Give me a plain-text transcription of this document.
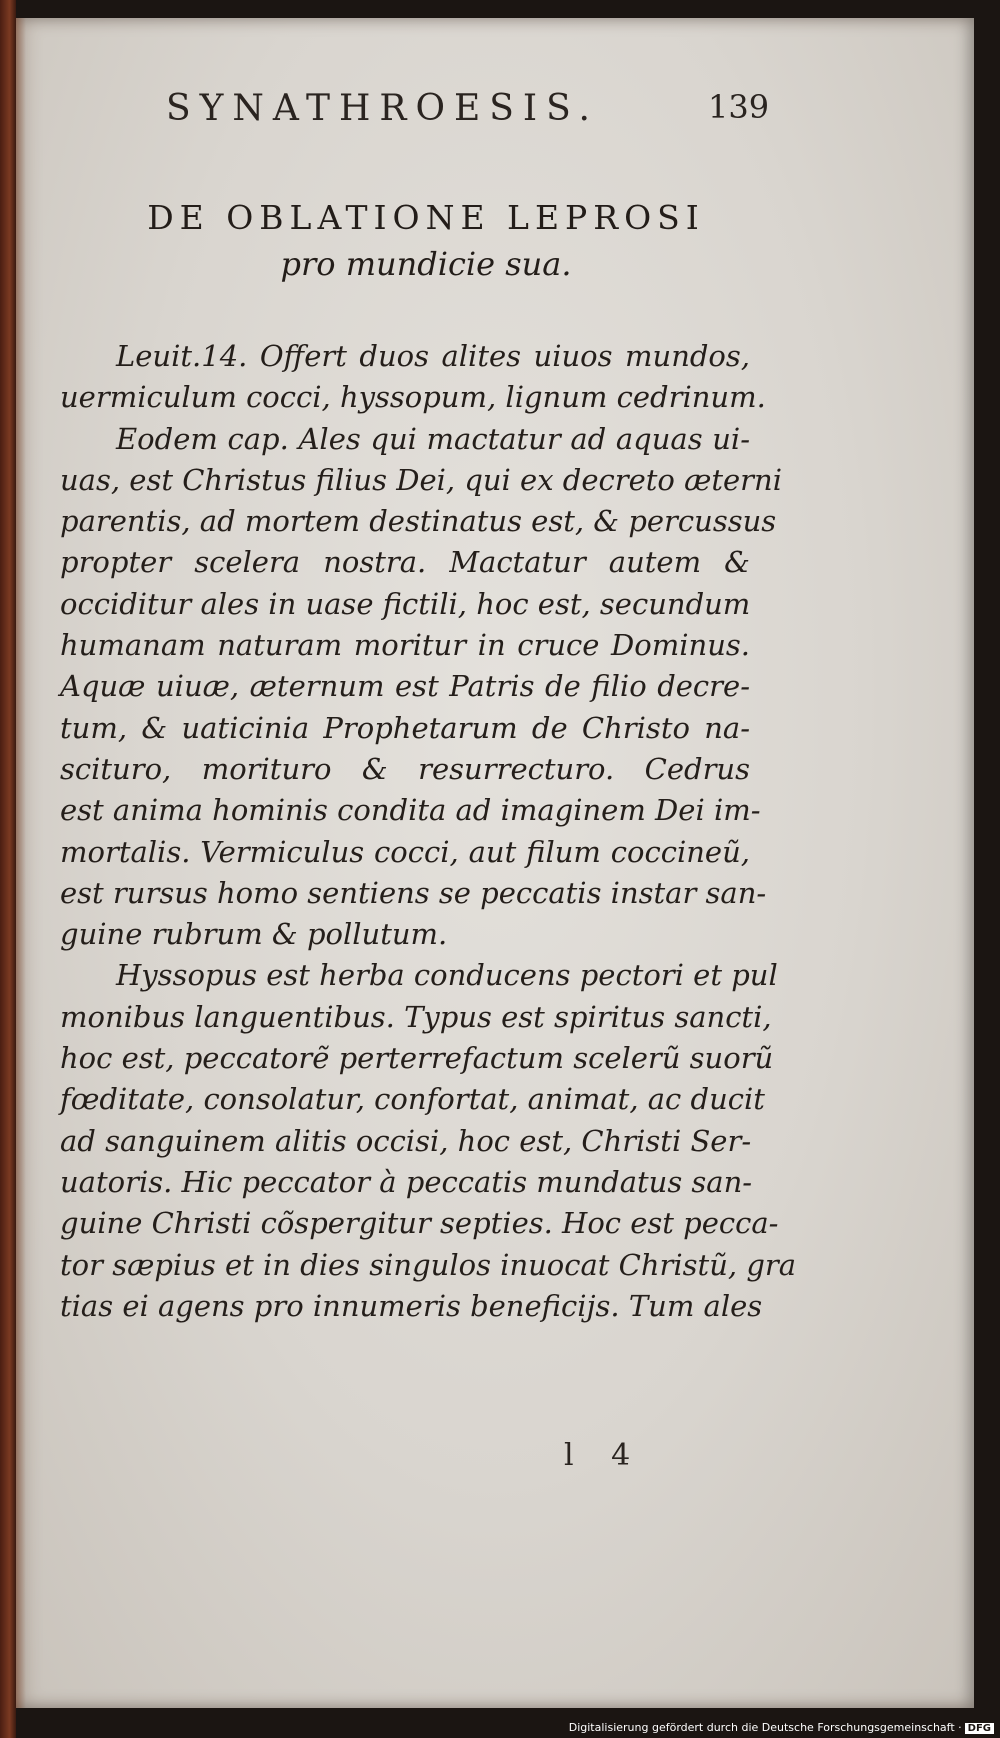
SYNATHROESIS.	139
DE OBLATIONE LEPROSI
pro mundicie sua.
Leuit.14. Offert duos alites uiuos mundos,
uermiculum cocci, hyssopum, lignum cedrinum.
Eodem cap. Ales qui mactatur ad aquas ui-
uas, est Christus filius Dei, qui ex decreto æterni
parentis, ad mortem destinatus est, & percussus
propter scelera nostra. Mactatur autem &
occiditur ales in uase fictili, hoc est, secundum
humanam naturam moritur in cruce Dominus.
Aquæ uiuæ, æternum est Patris de filio decre-
tum, & uaticinia Prophetarum de Christo na-
scituro, morituro & resurrecturo. Cedrus
est anima hominis condita ad imaginem Dei im-
mortalis. Vermiculus cocci, aut filum coccineũ,
est rursus homo sentiens se peccatis instar san-
guine rubrum & pollutum.
Hyssopus est herba conducens pectori et pul
monibus languentibus. Typus est spiritus sancti,
hoc est, peccatorẽ perterrefactum scelerũ suorũ
fœditate, consolatur, confortat, animat, ac ducit
ad sanguinem alitis occisi, hoc est, Christi Ser-
uatoris. Hic peccator à peccatis mundatus san-
guine Christi cõspergitur septies. Hoc est pecca-
tor sæpius et in dies singulos inuocat Christũ, gra
tias ei agens pro innumeris beneficijs. Tum ales
l 4
Digitalisierung gefördert durch die Deutsche Forschungsgemeinschaft · DFG
